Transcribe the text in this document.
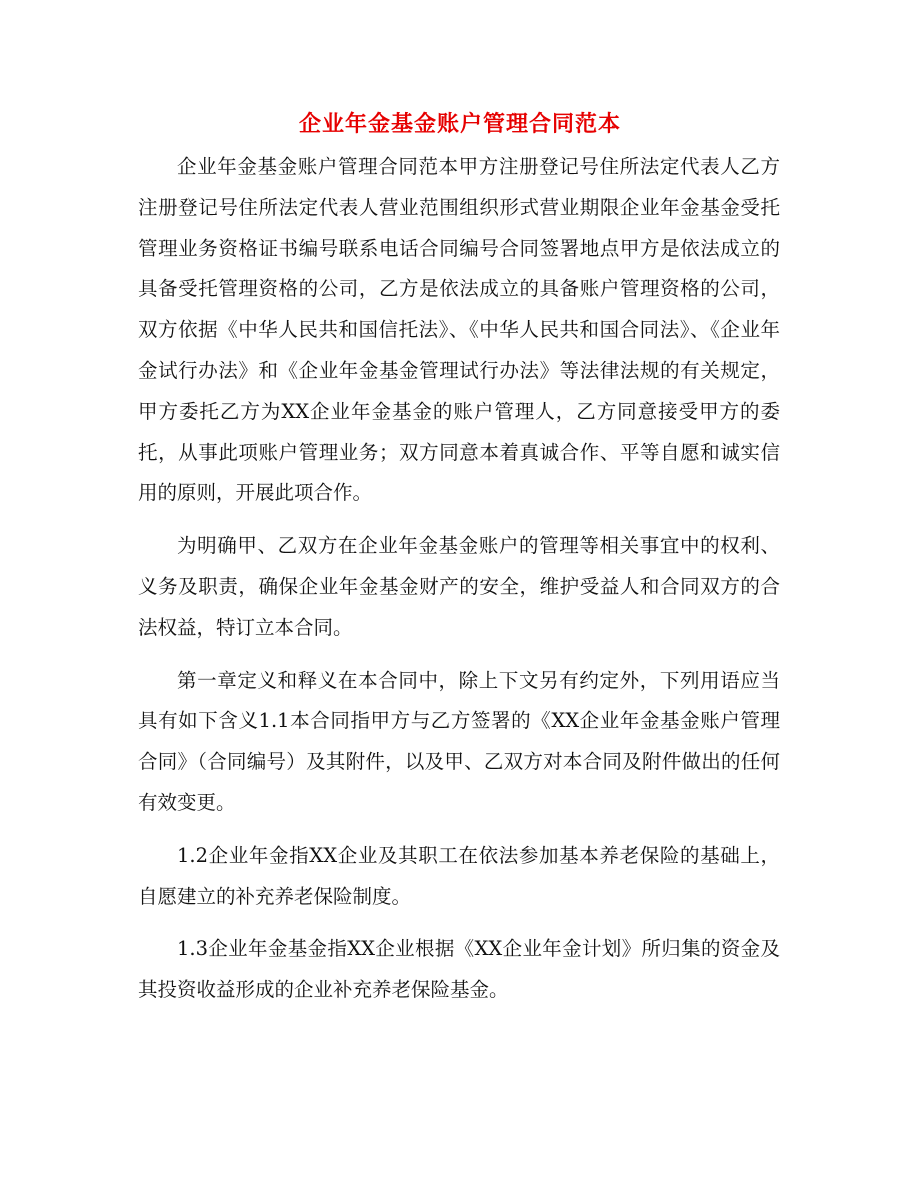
企业年金基金账户管理合同范本

企业年金基金账户管理合同范本甲方注册登记号住所法定代表人乙方注册登记号住所法定代表人营业范围组织形式营业期限企业年金基金受托管理业务资格证书编号联系电话合同编号合同签署地点甲方是依法成立的具备受托管理资格的公司，乙方是依法成立的具备账户管理资格的公司，双方依据《中华人民共和国信托法》、《中华人民共和国合同法》、《企业年金试行办法》和《企业年金基金管理试行办法》等法律法规的有关规定，甲方委托乙方为XX企业年金基金的账户管理人，乙方同意接受甲方的委托，从事此项账户管理业务；双方同意本着真诚合作、平等自愿和诚实信用的原则，开展此项合作。

为明确甲、乙双方在企业年金基金账户的管理等相关事宜中的权利、义务及职责，确保企业年金基金财产的安全，维护受益人和合同双方的合法权益，特订立本合同。

第一章定义和释义在本合同中，除上下文另有约定外，下列用语应当具有如下含义1.1本合同指甲方与乙方签署的《XX企业年金基金账户管理合同》（合同编号）及其附件，以及甲、乙双方对本合同及附件做出的任何有效变更。

1.2企业年金指XX企业及其职工在依法参加基本养老保险的基础上，自愿建立的补充养老保险制度。

1.3企业年金基金指XX企业根据《XX企业年金计划》所归集的资金及其投资收益形成的企业补充养老保险基金。
